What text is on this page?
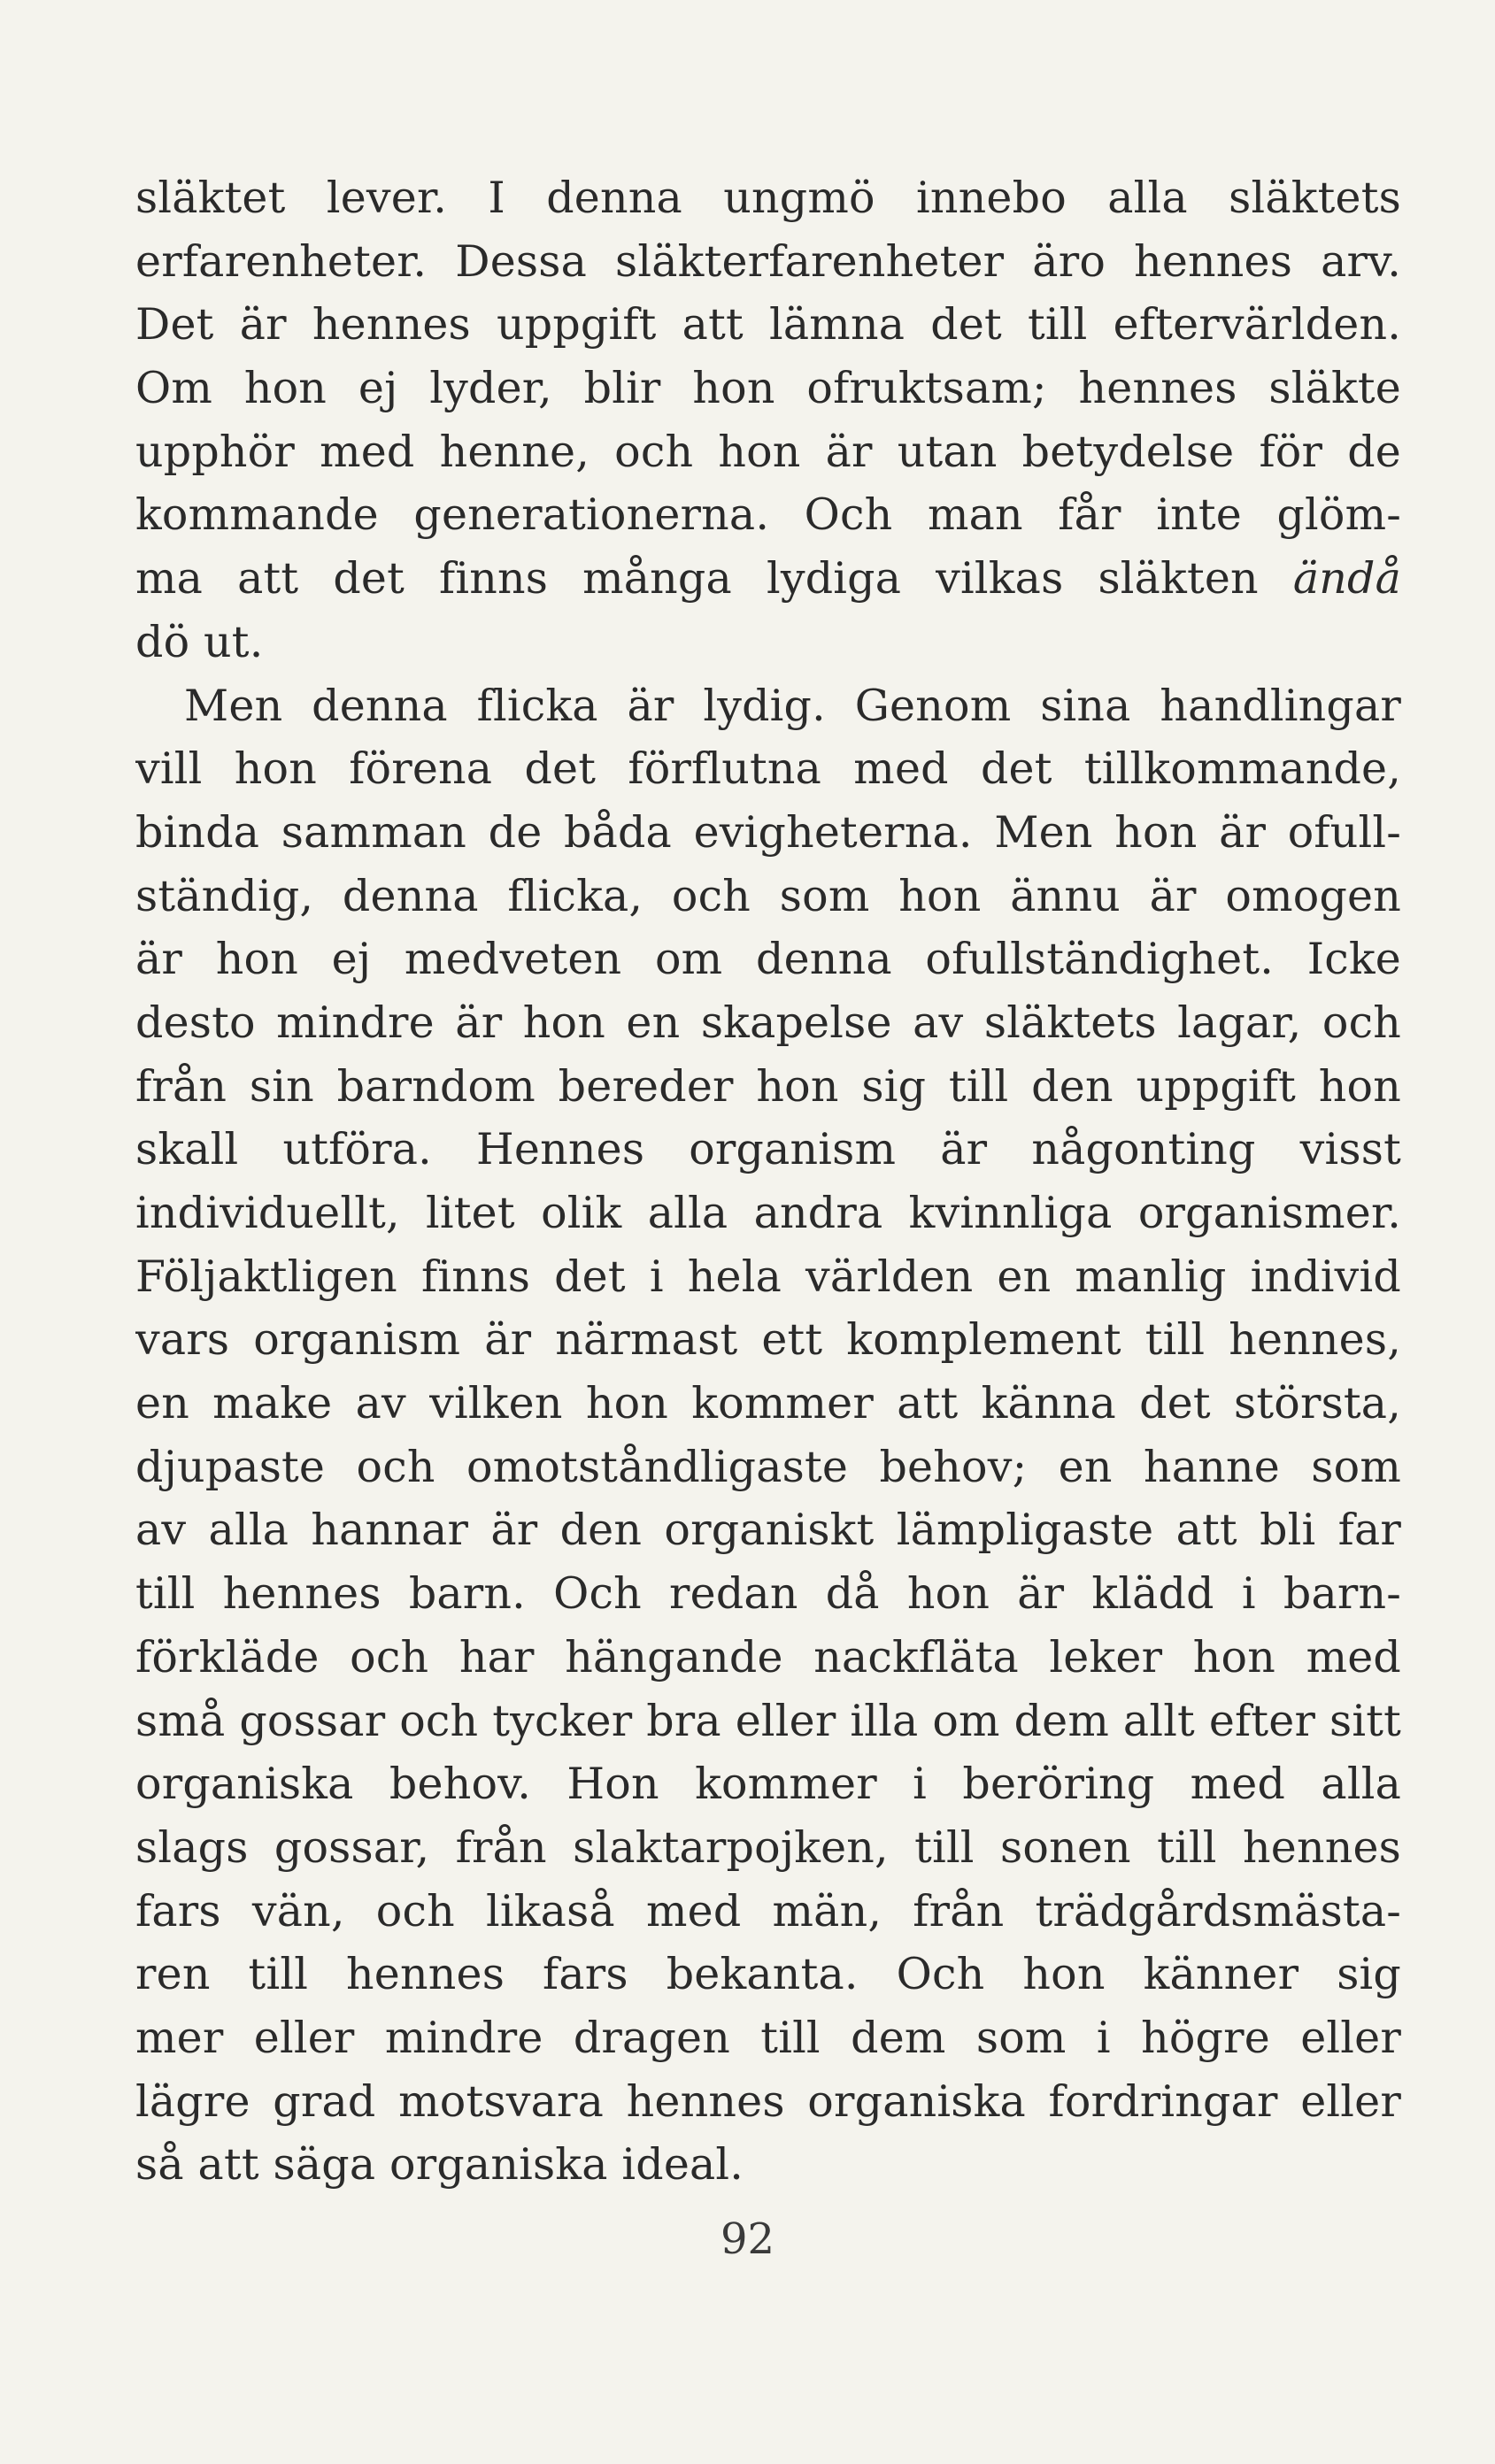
släktet lever. I denna ungmö innebo alla släktets
erfarenheter. Dessa släkterfarenheter äro hennes arv.
Det är hennes uppgift att lämna det till eftervärlden.
Om hon ej lyder, blir hon ofruktsam; hennes släkte
upphör med henne, och hon är utan betydelse för de
kommande generationerna. Och man får inte glöm-
ma att det finns många lydiga vilkas släkten ändå
dö ut.
Men denna flicka är lydig. Genom sina handlingar
vill hon förena det förflutna med det tillkommande,
binda samman de båda evigheterna. Men hon är ofull-
ständig, denna flicka, och som hon ännu är omogen
är hon ej medveten om denna ofullständighet. Icke
desto mindre är hon en skapelse av släktets lagar, och
från sin barndom bereder hon sig till den uppgift hon
skall utföra. Hennes organism är någonting visst
individuellt, litet olik alla andra kvinnliga organismer.
Följaktligen finns det i hela världen en manlig individ
vars organism är närmast ett komplement till hennes,
en make av vilken hon kommer att känna det största,
djupaste och omotståndligaste behov; en hanne som
av alla hannar är den organiskt lämpligaste att bli far
till hennes barn. Och redan då hon är klädd i barn-
förkläde och har hängande nackfläta leker hon med
små gossar och tycker bra eller illa om dem allt efter sitt
organiska behov. Hon kommer i beröring med alla
slags gossar, från slaktarpojken, till sonen till hennes
fars vän, och likaså med män, från trädgårdsmästa-
ren till hennes fars bekanta. Och hon känner sig
mer eller mindre dragen till dem som i högre eller
lägre grad motsvara hennes organiska fordringar eller
så att säga organiska ideal.
92
